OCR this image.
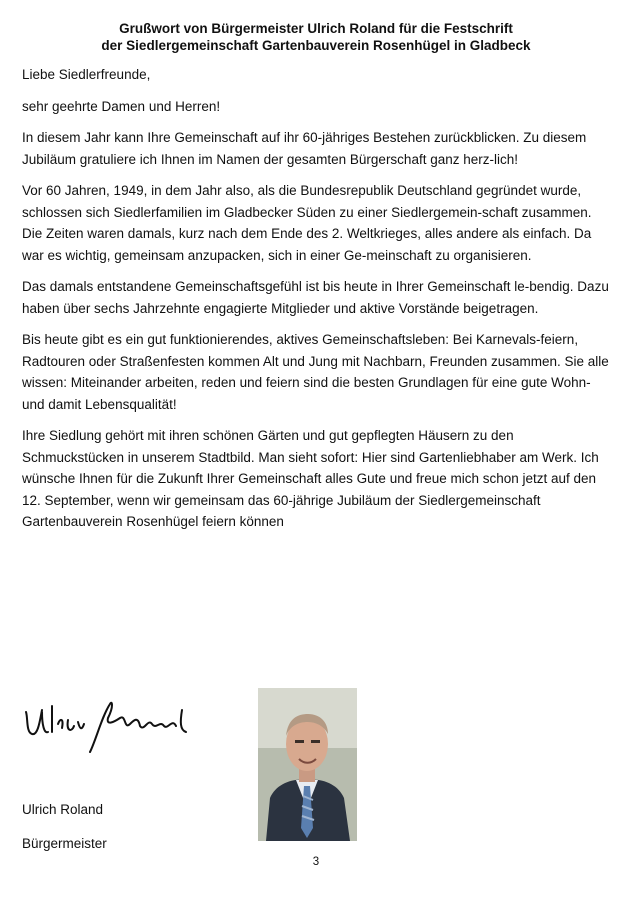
Grußwort von Bürgermeister Ulrich Roland für die Festschrift
der Siedlergemeinschaft Gartenbauverein Rosenhügel in Gladbeck

Liebe Siedlerfreunde,

sehr geehrte Damen und Herren!

In diesem Jahr kann Ihre Gemeinschaft auf ihr 60-jähriges Bestehen zurückblicken. Zu diesem Jubiläum gratuliere ich Ihnen im Namen der gesamten Bürgerschaft ganz herz-lich!

Vor 60 Jahren, 1949, in dem Jahr also, als die Bundesrepublik Deutschland gegründet wurde, schlossen sich Siedlerfamilien im Gladbecker Süden zu einer Siedlergemein-schaft zusammen. Die Zeiten waren damals, kurz nach dem Ende des 2. Weltkrieges, alles andere als einfach. Da war es wichtig, gemeinsam anzupacken, sich in einer Ge-meinschaft zu organisieren.

Das damals entstandene Gemeinschaftsgefühl ist bis heute in Ihrer Gemeinschaft le-bendig. Dazu haben über sechs Jahrzehnte engagierte Mitglieder und aktive Vorstände beigetragen.

Bis heute gibt es ein gut funktionierendes, aktives Gemeinschaftsleben: Bei Karnevals-feiern, Radtouren oder Straßenfesten kommen Alt und Jung mit Nachbarn, Freunden zusammen. Sie alle wissen: Miteinander arbeiten, reden und feiern sind die besten Grundlagen für eine gute Wohn- und damit Lebensqualität!

Ihre Siedlung gehört mit ihren schönen Gärten und gut gepflegten Häusern zu den Schmuckstücken in unserem Stadtbild. Man sieht sofort: Hier sind Gartenliebhaber am Werk. Ich wünsche Ihnen für die Zukunft Ihrer Gemeinschaft alles Gute und freue mich schon jetzt auf den 12. September, wenn wir gemeinsam das 60-jährige Jubiläum der Siedlergemeinschaft Gartenbauverein Rosenhügel feiern können

Ulrich Roland
Bürgermeister
3
